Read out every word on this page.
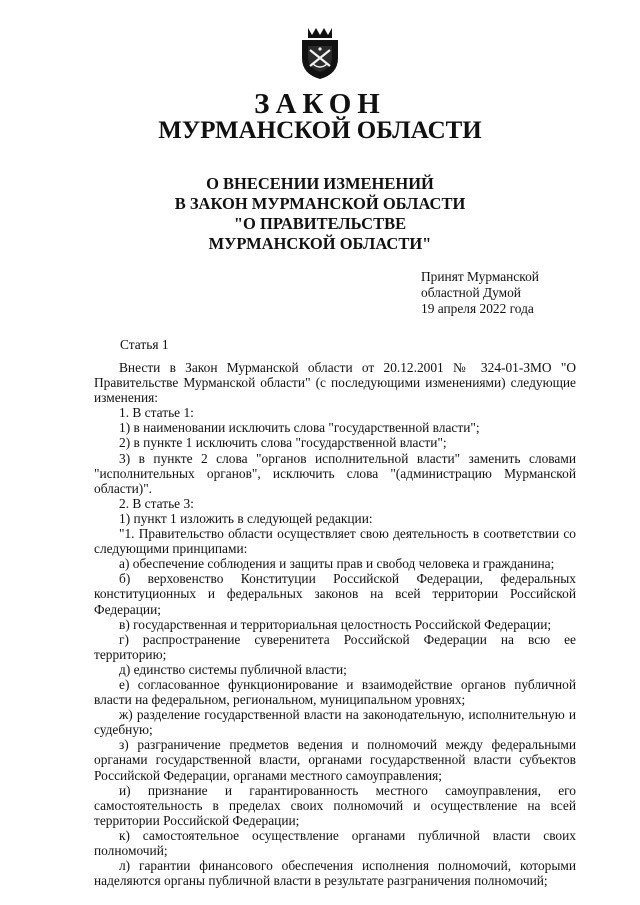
ЗАКОН
МУРМАНСКОЙ ОБЛАСТИ
О ВНЕСЕНИИ ИЗМЕНЕНИЙ
В ЗАКОН МУРМАНСКОЙ ОБЛАСТИ
"О ПРАВИТЕЛЬСТВЕ
МУРМАНСКОЙ ОБЛАСТИ"
Принят Мурманской
областной Думой
19 апреля 2022 года
Статья 1
Внести в Закон Мурманской области от 20.12.2001 № 324-01-ЗМО "О Правительстве Мурманской области" (с последующими изменениями) следующие изменения:
1. В статье 1:
1) в наименовании исключить слова "государственной власти";
2) в пункте 1 исключить слова "государственной власти";
3) в пункте 2 слова "органов исполнительной власти" заменить словами "исполнительных органов", исключить слова "(администрацию Мурманской области)".
2. В статье 3:
1) пункт 1 изложить в следующей редакции:
"1. Правительство области осуществляет свою деятельность в соответствии со следующими принципами:
а) обеспечение соблюдения и защиты прав и свобод человека и гражданина;
б) верховенство Конституции Российской Федерации, федеральных конституционных и федеральных законов на всей территории Российской Федерации;
в) государственная и территориальная целостность Российской Федерации;
г) распространение суверенитета Российской Федерации на всю ее территорию;
д) единство системы публичной власти;
е) согласованное функционирование и взаимодействие органов публичной власти на федеральном, региональном, муниципальном уровнях;
ж) разделение государственной власти на законодательную, исполнительную и судебную;
з) разграничение предметов ведения и полномочий между федеральными органами государственной власти, органами государственной власти субъектов Российской Федерации, органами местного самоуправления;
и) признание и гарантированность местного самоуправления, его самостоятельность в пределах своих полномочий и осуществление на всей территории Российской Федерации;
к) самостоятельное осуществление органами публичной власти своих полномочий;
л) гарантии финансового обеспечения исполнения полномочий, которыми наделяются органы публичной власти в результате разграничения полномочий;
